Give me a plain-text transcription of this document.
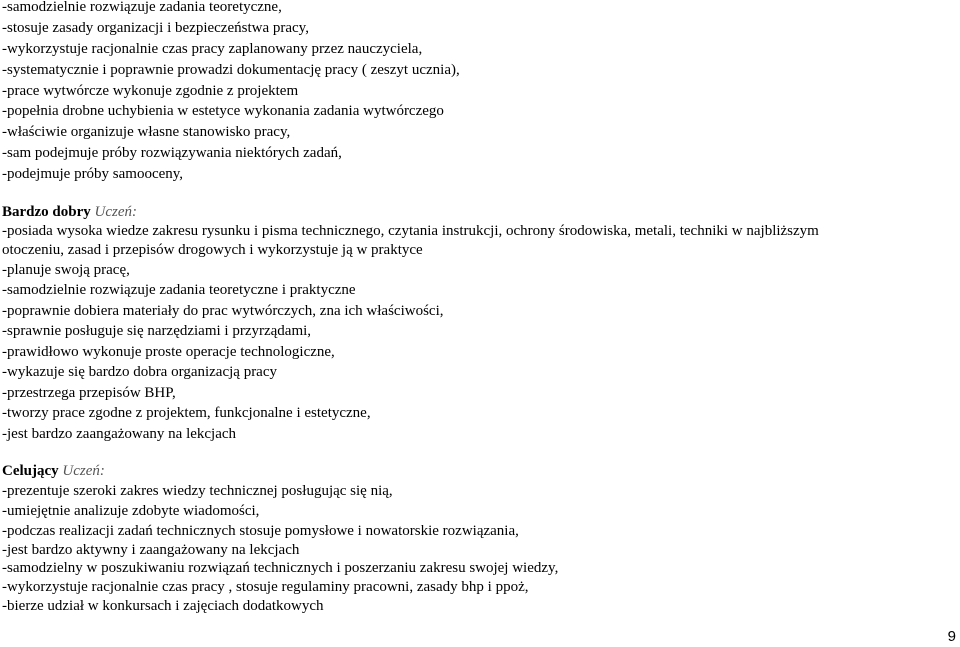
-samodzielnie rozwiązuje zadania teoretyczne,
-stosuje zasady organizacji i bezpieczeństwa pracy,
-wykorzystuje racjonalnie czas pracy zaplanowany przez nauczyciela,
-systematycznie i poprawnie prowadzi dokumentację pracy ( zeszyt ucznia),
-prace wytwórcze wykonuje zgodnie z projektem
-popełnia drobne uchybienia w estetyce wykonania zadania wytwórczego
-właściwie organizuje własne stanowisko pracy,
-sam podejmuje próby rozwiązywania niektórych zadań,
-podejmuje próby samooceny,
Bardzo dobry Uczeń:
-posiada wysoka wiedze zakresu rysunku i pisma technicznego, czytania instrukcji, ochrony środowiska, metali, techniki w najbliższym
otoczeniu, zasad i przepisów drogowych i wykorzystuje ją w praktyce
-planuje swoją pracę,
-samodzielnie rozwiązuje zadania teoretyczne i praktyczne
-poprawnie dobiera materiały do prac wytwórczych, zna ich właściwości,
-sprawnie posługuje się narzędziami i przyrządami,
-prawidłowo wykonuje proste operacje technologiczne,
-wykazuje się bardzo dobra organizacją pracy
-przestrzega przepisów BHP,
-tworzy prace zgodne z projektem, funkcjonalne i estetyczne,
-jest bardzo zaangażowany na lekcjach
Celujący Uczeń:
-prezentuje szeroki zakres wiedzy technicznej posługując się nią,
-umiejętnie analizuje zdobyte wiadomości,
-podczas realizacji zadań technicznych stosuje pomysłowe i nowatorskie rozwiązania,
-jest bardzo aktywny i zaangażowany na lekcjach
-samodzielny w poszukiwaniu rozwiązań technicznych i poszerzaniu zakresu swojej wiedzy,
-wykorzystuje racjonalnie czas pracy , stosuje regulaminy pracowni, zasady bhp i ppoż,
-bierze udział w konkursach i zajęciach dodatkowych
9
